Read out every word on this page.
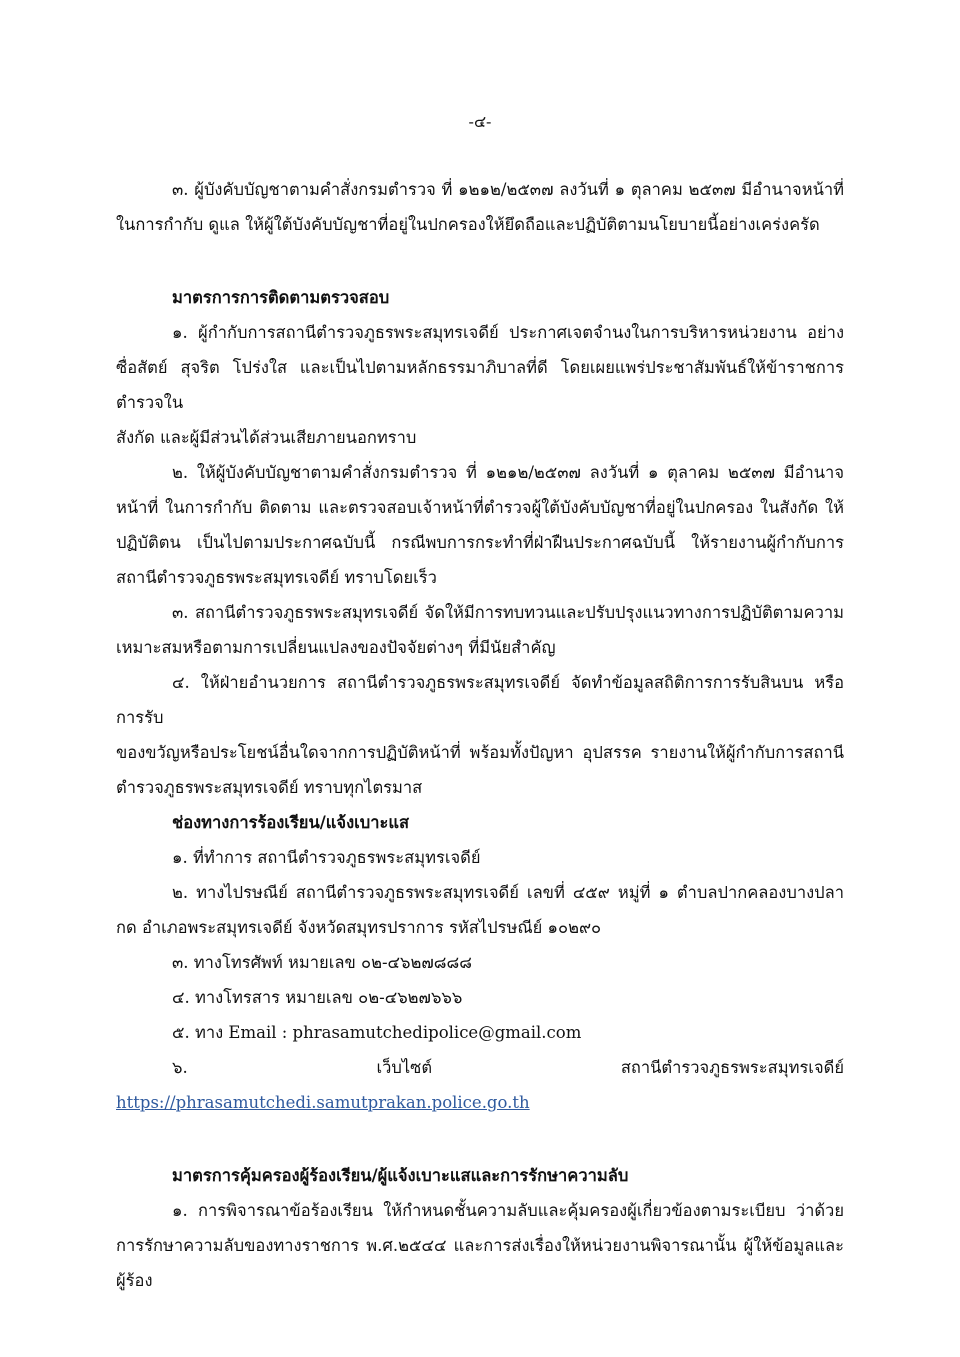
-๔-

๓. ผู้บังคับบัญชาตามคำสั่งกรมตำรวจ ที่ ๑๒๑๒/๒๕๓๗ ลงวันที่ ๑ ตุลาคม ๒๕๓๗ มีอำนาจหน้าที่ในการกำกับ ดูแล ให้ผู้ใต้บังคับบัญชาที่อยู่ในปกครองให้ยึดถือและปฏิบัติตามนโยบายนี้อย่างเคร่งครัด

มาตรการการติดตามตรวจสอบ

๑. ผู้กำกับการสถานีตำรวจภูธรพระสมุทรเจดีย์ ประกาศเจตจำนงในการบริหารหน่วยงาน อย่างซื่อสัตย์ สุจริต โปร่งใส และเป็นไปตามหลักธรรมาภิบาลที่ดี โดยเผยแพร่ประชาสัมพันธ์ให้ข้าราชการตำรวจใน

สังกัด และผู้มีส่วนได้ส่วนเสียภายนอกทราบ

๒. ให้ผู้บังคับบัญชาตามคำสั่งกรมตำรวจ ที่ ๑๒๑๒/๒๕๓๗ ลงวันที่ ๑ ตุลาคม ๒๕๓๗ มีอำนาจหน้าที่ ในการกำกับ ติดตาม และตรวจสอบเจ้าหน้าที่ตำรวจผู้ใต้บังคับบัญชาที่อยู่ในปกครอง ในสังกัด ให้ปฏิบัติตน เป็นไปตามประกาศฉบับนี้ กรณีพบการกระทำที่ฝ่าฝืนประกาศฉบับนี้ ให้รายงานผู้กำกับการสถานีตำรวจภูธรพระสมุทรเจดีย์ ทราบโดยเร็ว

๓. สถานีตำรวจภูธรพระสมุทรเจดีย์ จัดให้มีการทบทวนและปรับปรุงแนวทางการปฏิบัติตามความเหมาะสมหรือตามการเปลี่ยนแปลงของปัจจัยต่างๆ ที่มีนัยสำคัญ

๔. ให้ฝ่ายอำนวยการ สถานีตำรวจภูธรพระสมุทรเจดีย์ จัดทำข้อมูลสถิติการการรับสินบน หรือการรับ

ของขวัญหรือประโยชน์อื่นใดจากการปฏิบัติหน้าที่ พร้อมทั้งปัญหา อุปสรรค รายงานให้ผู้กำกับการสถานีตำรวจภูธรพระสมุทรเจดีย์ ทราบทุกไตรมาส

ช่องทางการร้องเรียน/แจ้งเบาะแส

๑. ที่ทำการ สถานีตำรวจภูธรพระสมุทรเจดีย์

๒. ทางไปรษณีย์ สถานีตำรวจภูธรพระสมุทรเจดีย์ เลขที่ ๔๕๙ หมู่ที่ ๑ ตำบลปากคลองบางปลากด อำเภอพระสมุทรเจดีย์ จังหวัดสมุทรปราการ รหัสไปรษณีย์ ๑๐๒๙๐

๓. ทางโทรศัพท์ หมายเลข ๐๒-๔๖๒๗๘๘๘

๔. ทางโทรสาร หมายเลข ๐๒-๔๖๒๗๖๖๖

๕. ทาง Email : phrasamutchedipolice@gmail.com

๖. เว็บไซต์ สถานีตำรวจภูธรพระสมุทรเจดีย์ https://phrasamutchedi.samutprakan.police.go.th

มาตรการคุ้มครองผู้ร้องเรียน/ผู้แจ้งเบาะแสและการรักษาความลับ

๑. การพิจารณาข้อร้องเรียน ให้กำหนดชั้นความลับและคุ้มครองผู้เกี่ยวข้องตามระเบียบ ว่าด้วยการรักษาความลับของทางราชการ พ.ศ.๒๕๔๔ และการส่งเรื่องให้หน่วยงานพิจารณานั้น ผู้ให้ข้อมูลและผู้ร้อง
